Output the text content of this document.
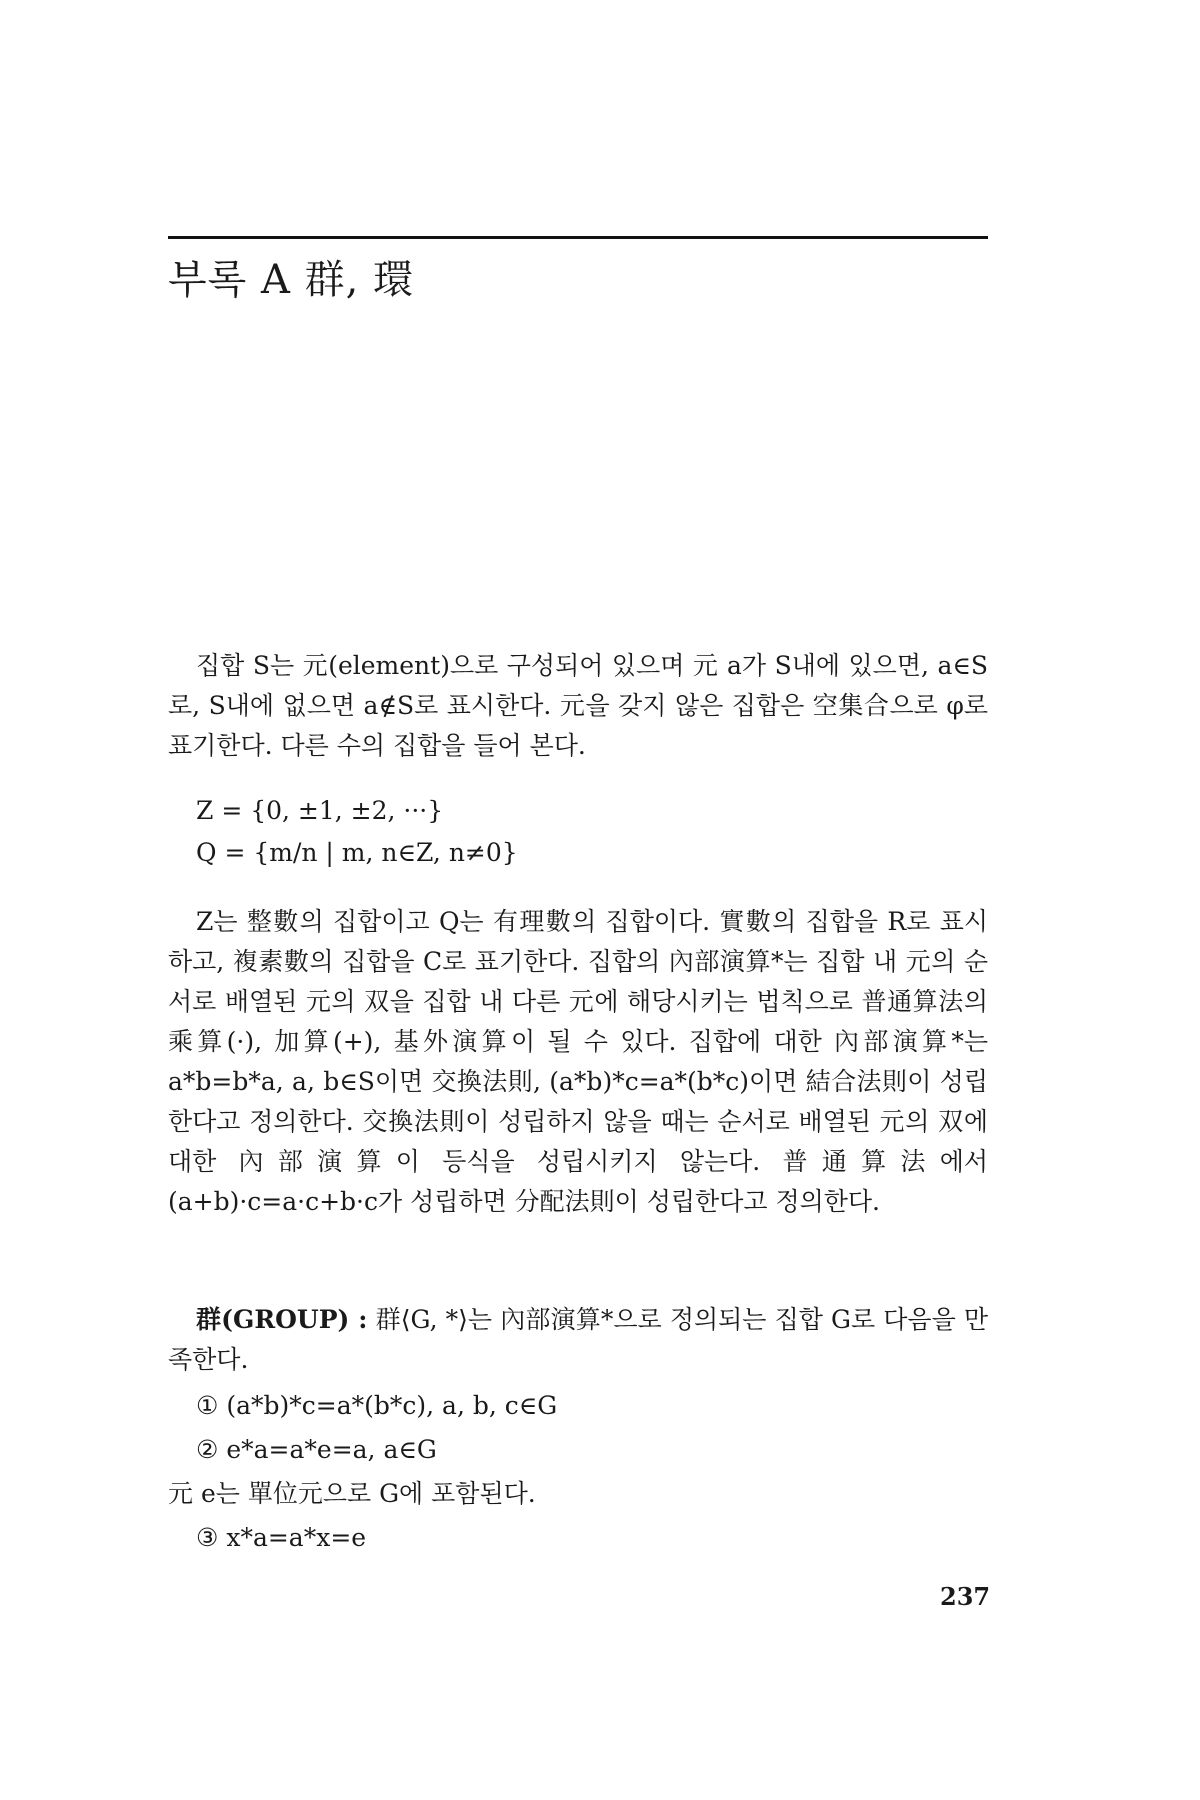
부록 A 群, 環
집합 S는 元(element)으로 구성되어 있으며 元 a가 S내에 있으면, a∈S로, S내에 없으면 a∉S로 표시한다. 元을 갖지 않은 집합은 空集合으로 φ로 표기한다. 다른 수의 집합을 들어 본다.
Z = {0, ±1, ±2, ···}
Q = {m/n | m, n∈Z, n≠0}
Z는 整數의 집합이고 Q는 有理數의 집합이다. 實數의 집합을 R로 표시하고, 複素數의 집합을 C로 표기한다. 집합의 內部演算*는 집합 내 元의 순서로 배열된 元의 双을 집합 내 다른 元에 해당시키는 법칙으로 普通算法의 乘算(·), 加算(+), 基外演算이 될 수 있다. 집합에 대한 內部演算*는 a*b=b*a, a, b∈S이면 交換法則, (a*b)*c=a*(b*c)이면 結合法則이 성립한다고 정의한다. 交換法則이 성립하지 않을 때는 순서로 배열된 元의 双에 대한 內部演算이 등식을 성립시키지 않는다. 普通算法에서 (a+b)·c=a·c+b·c가 성립하면 分配法則이 성립한다고 정의한다.
群(GROUP) : 群⟨G, *⟩는 內部演算*으로 정의되는 집합 G로 다음을 만족한다.
① (a*b)*c=a*(b*c), a, b, c∈G
② e*a=a*e=a, a∈G
元 e는 單位元으로 G에 포함된다.
③ x*a=a*x=e
237
